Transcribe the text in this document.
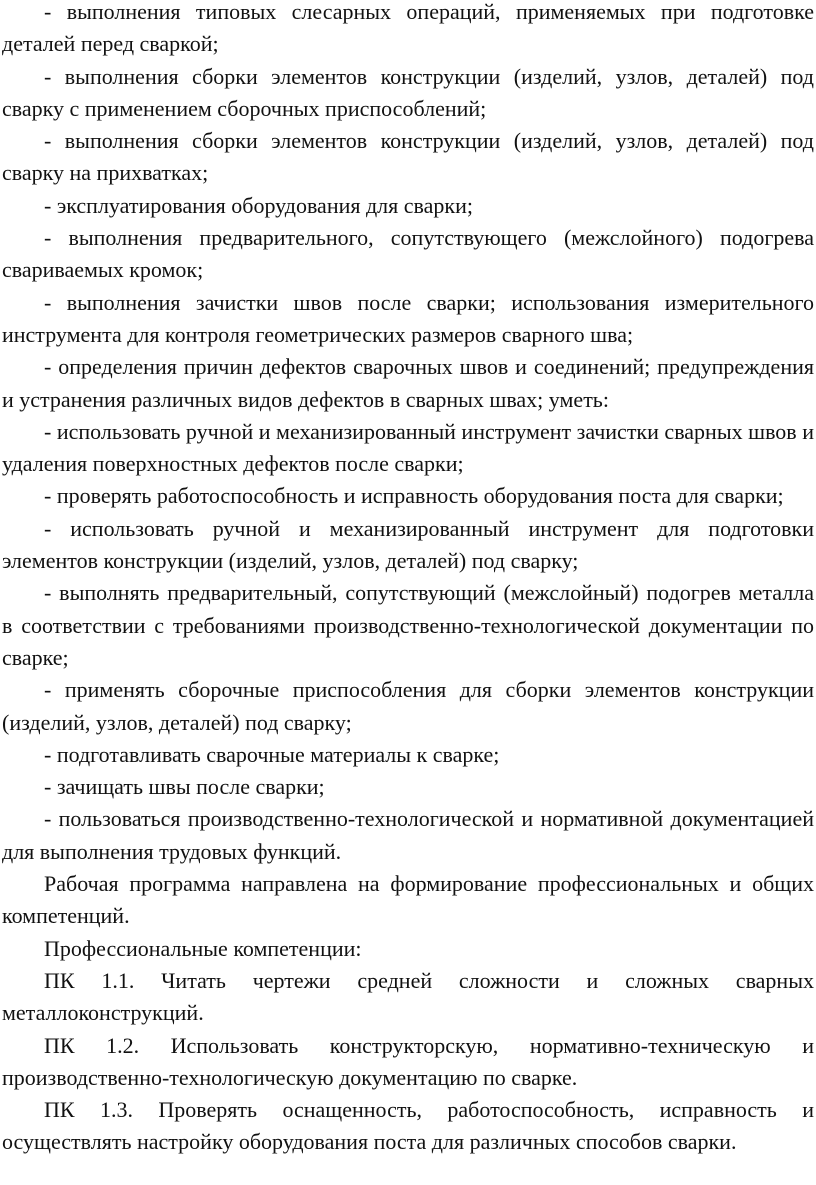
- выполнения типовых слесарных операций, применяемых при подготовке деталей перед сваркой;

- выполнения сборки элементов конструкции (изделий, узлов, деталей) под сварку с применением сборочных приспособлений;

- выполнения сборки элементов конструкции (изделий, узлов, деталей) под сварку на прихватках;

- эксплуатирования оборудования для сварки;

- выполнения предварительного, сопутствующего (межслойного) подогрева свариваемых кромок;

- выполнения зачистки швов после сварки; использования измерительного инструмента для контроля геометрических размеров сварного шва;

- определения причин дефектов сварочных швов и соединений; предупреждения и устранения различных видов дефектов в сварных швах; уметь:

- использовать ручной и механизированный инструмент зачистки сварных швов и удаления поверхностных дефектов после сварки;

- проверять работоспособность и исправность оборудования поста для сварки;

- использовать ручной и механизированный инструмент для подготовки элементов конструкции (изделий, узлов, деталей) под сварку;

- выполнять предварительный, сопутствующий (межслойный) подогрев металла в соответствии с требованиями производственно-технологической документации по сварке;

- применять сборочные приспособления для сборки элементов конструкции (изделий, узлов, деталей) под сварку;

- подготавливать сварочные материалы к сварке;

- зачищать швы после сварки;

- пользоваться производственно-технологической и нормативной документацией для выполнения трудовых функций.

Рабочая программа направлена на формирование профессиональных и общих компетенций.

Профессиональные компетенции:

ПК 1.1. Читать чертежи средней сложности и сложных сварных металлоконструкций.

ПК 1.2. Использовать конструкторскую, нормативно-техническую и производственно-технологическую документацию по сварке.

ПК 1.3. Проверять оснащенность, работоспособность, исправность и осуществлять настройку оборудования поста для различных способов сварки.
